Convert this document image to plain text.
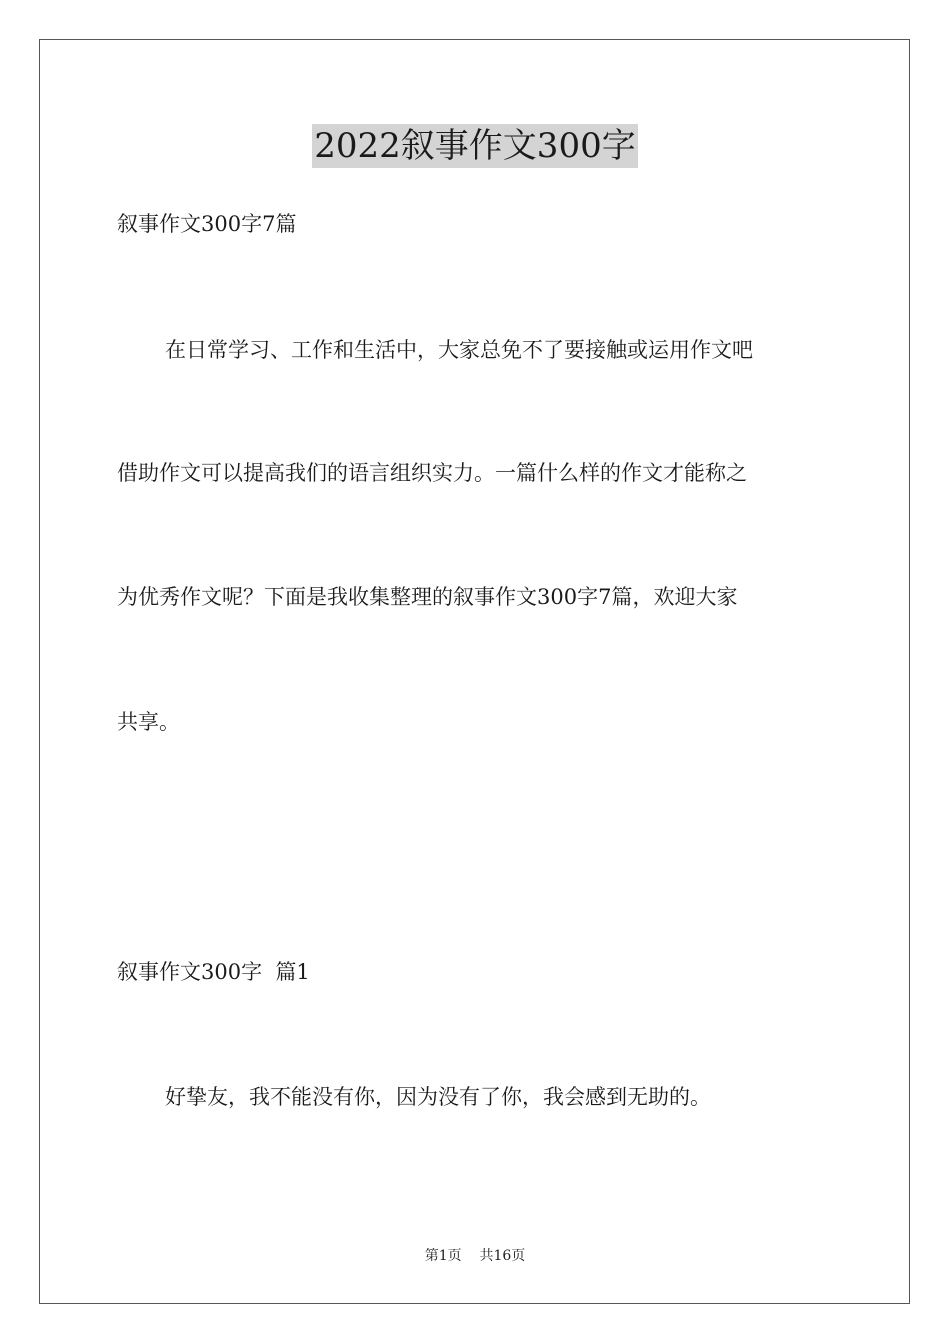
2022叙事作文300字

叙事作文300字7篇

在日常学习、工作和生活中，大家总免不了要接触或运用作文吧

借助作文可以提高我们的语言组织实力。一篇什么样的作文才能称之

为优秀作文呢？下面是我收集整理的叙事作文300字7篇，欢迎大家

共享。

叙事作文300字  篇1

好挚友，我不能没有你，因为没有了你，我会感到无助的。

第1页 共16页
